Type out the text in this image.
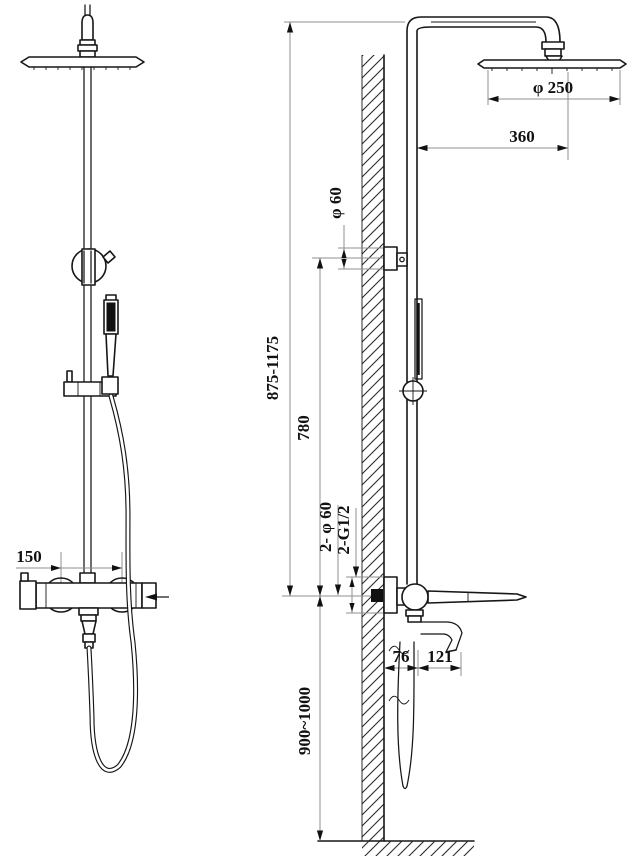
φ 250
360
φ 60
875-1175
780
2- φ 60 2-G1/2
900~1000
76 121
150
